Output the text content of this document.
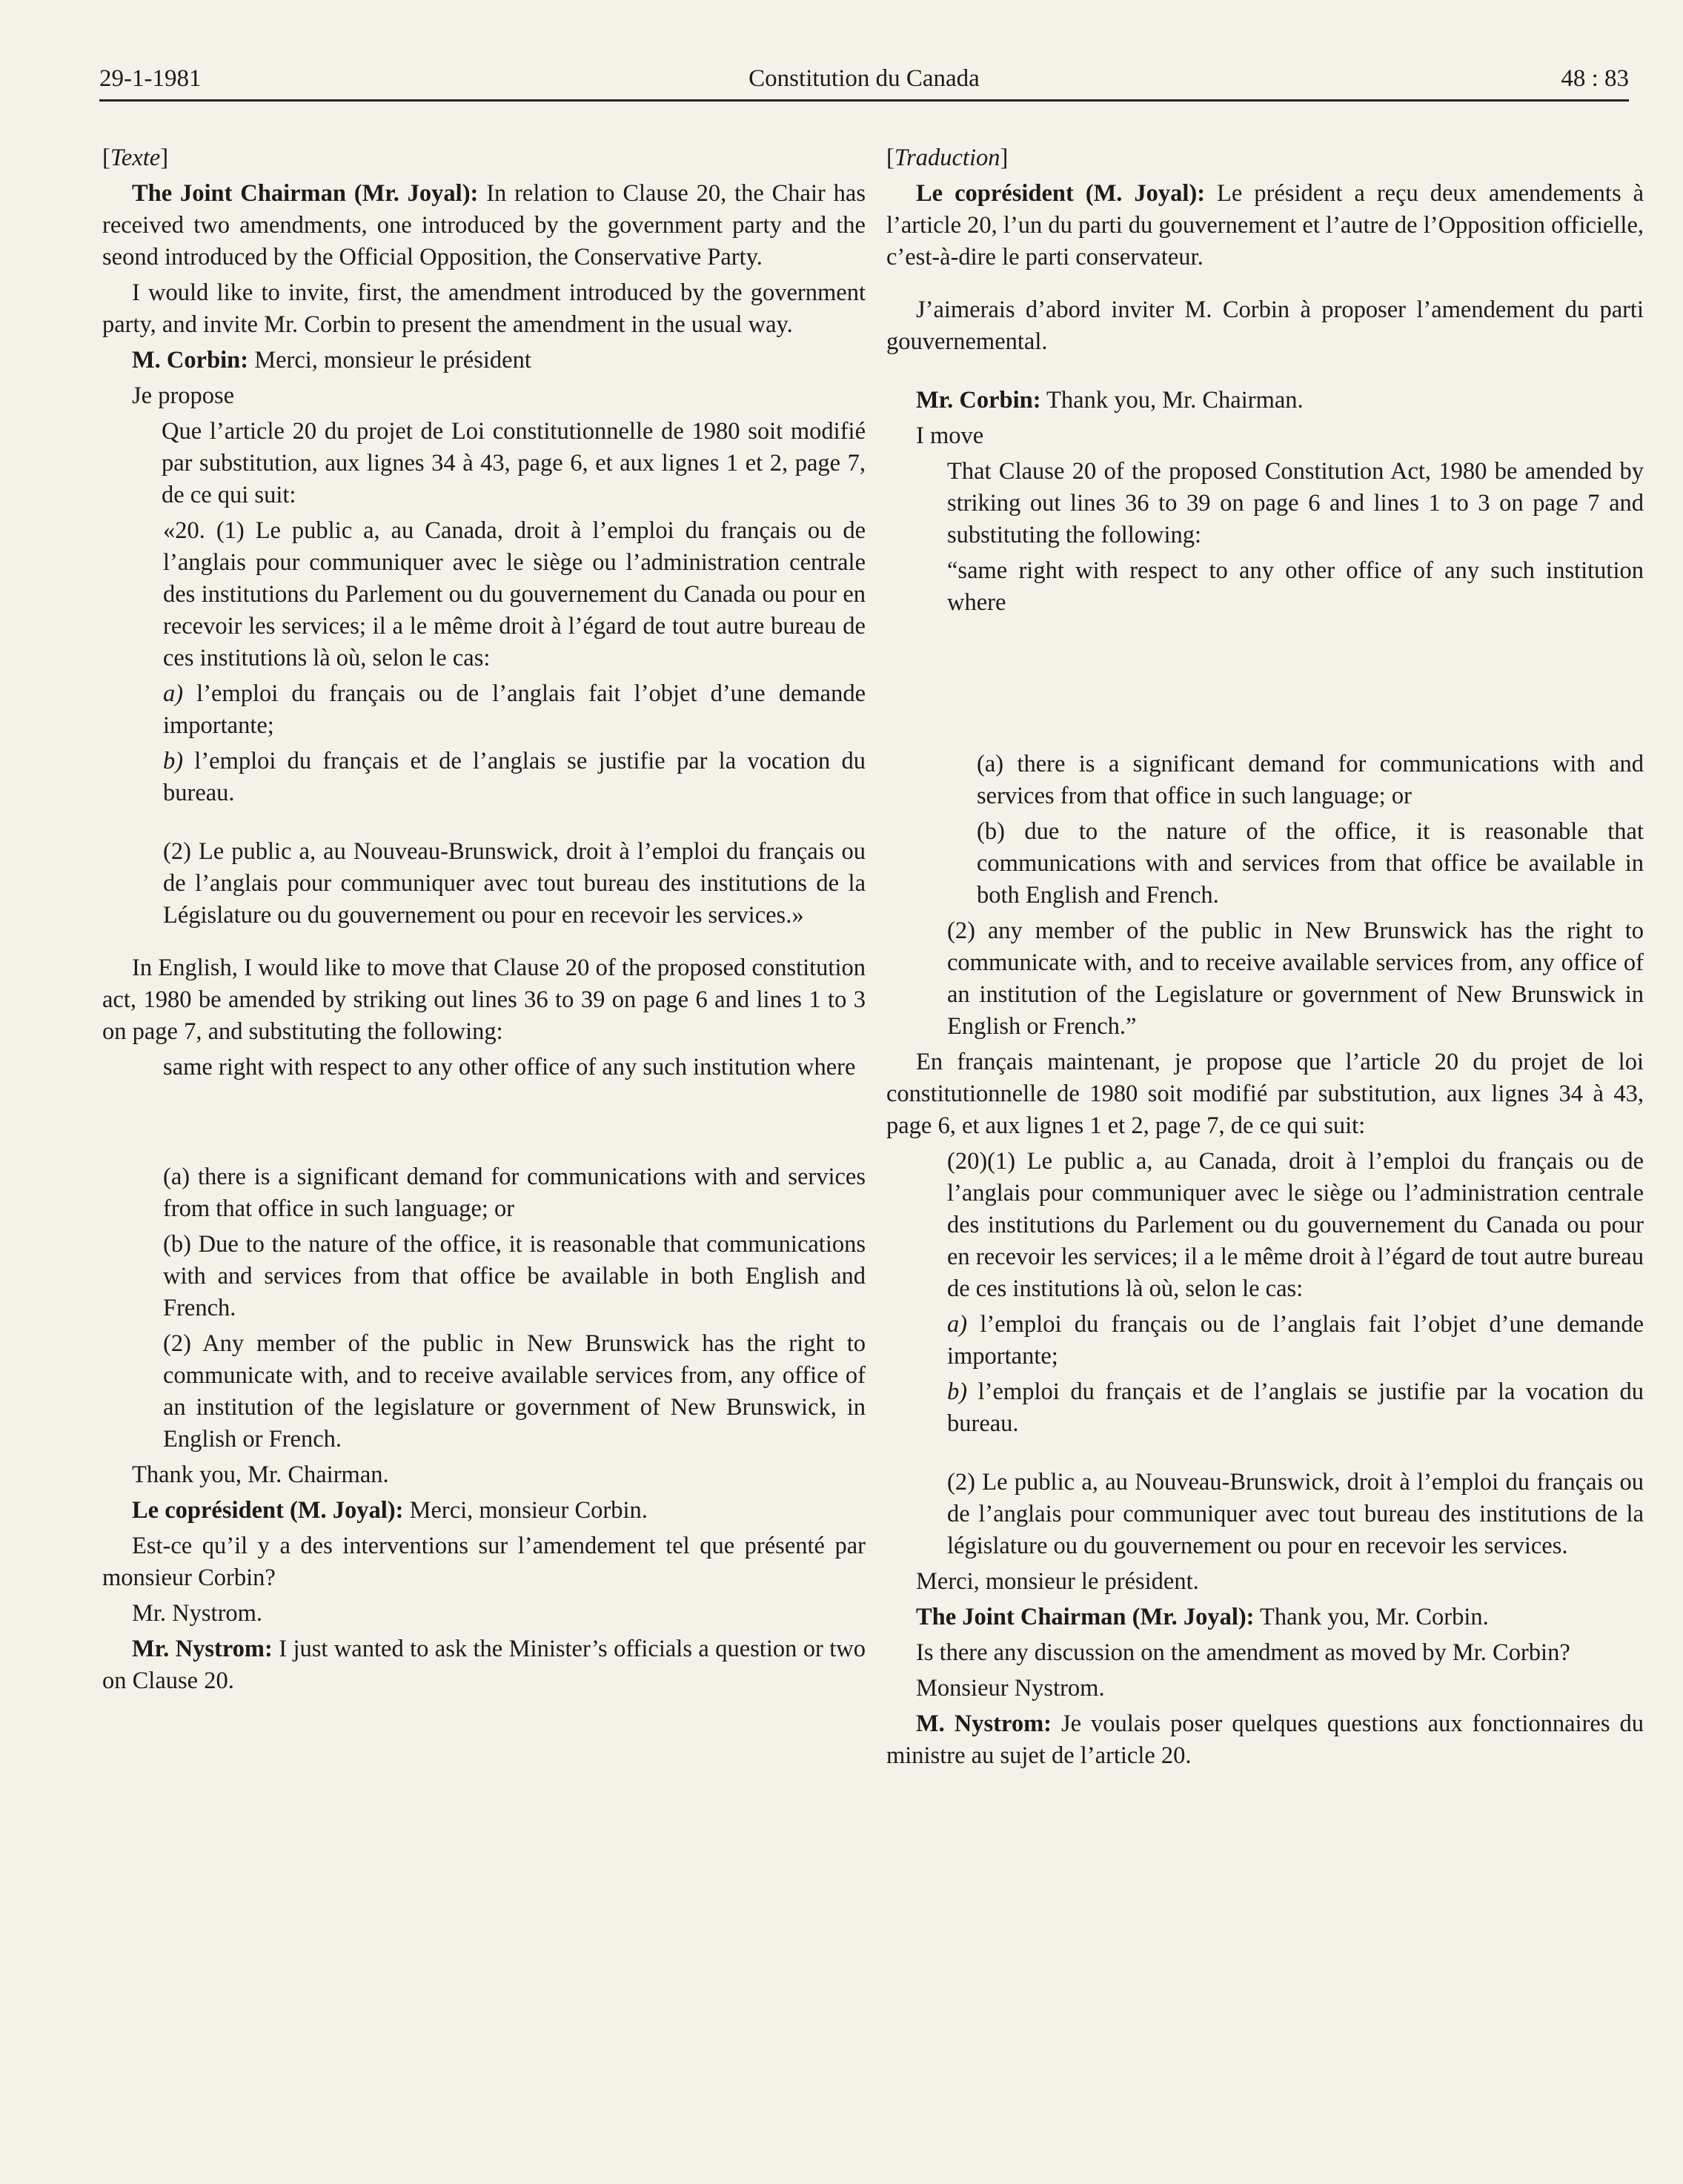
29-1-1981	Constitution du Canada	48 : 83

[Texte]

The Joint Chairman (Mr. Joyal): In relation to Clause 20, the Chair has received two amendments, one introduced by the government party and the seond introduced by the Official Opposition, the Conservative Party.

I would like to invite, first, the amendment introduced by the government party, and invite Mr. Corbin to present the amendment in the usual way.

M. Corbin: Merci, monsieur le président

Je propose

Que l’article 20 du projet de Loi constitutionnelle de 1980 soit modifié par substitution, aux lignes 34 à 43, page 6, et aux lignes 1 et 2, page 7, de ce qui suit:

«20. (1) Le public a, au Canada, droit à l’emploi du français ou de l’anglais pour communiquer avec le siège ou l’administration centrale des institutions du Parlement ou du gouvernement du Canada ou pour en recevoir les services; il a le même droit à l’égard de tout autre bureau de ces institutions là où, selon le cas:

a) l’emploi du français ou de l’anglais fait l’objet d’une demande importante;

b) l’emploi du français et de l’anglais se justifie par la vocation du bureau.

(2) Le public a, au Nouveau-Brunswick, droit à l’emploi du français ou de l’anglais pour communiquer avec tout bureau des institutions de la Législature ou du gouvernement ou pour en recevoir les services.»

In English, I would like to move that Clause 20 of the proposed constitution act, 1980 be amended by striking out lines 36 to 39 on page 6 and lines 1 to 3 on page 7, and substituting the following:

same right with respect to any other office of any such institution where

(a) there is a significant demand for communications with and services from that office in such language; or

(b) Due to the nature of the office, it is reasonable that communications with and services from that office be available in both English and French.

(2) Any member of the public in New Brunswick has the right to communicate with, and to receive available services from, any office of an institution of the legislature or government of New Brunswick, in English or French.

Thank you, Mr. Chairman.

Le coprésident (M. Joyal): Merci, monsieur Corbin.

Est-ce qu’il y a des interventions sur l’amendement tel que présenté par monsieur Corbin?

Mr. Nystrom.

Mr. Nystrom: I just wanted to ask the Minister’s officials a question or two on Clause 20.

[Traduction]

Le coprésident (M. Joyal): Le président a reçu deux amendements à l’article 20, l’un du parti du gouvernement et l’autre de l’Opposition officielle, c’est-à-dire le parti conservateur.

J’aimerais d’abord inviter M. Corbin à proposer l’amendement du parti gouvernemental.

Mr. Corbin: Thank you, Mr. Chairman.

I move

That Clause 20 of the proposed Constitution Act, 1980 be amended by striking out lines 36 to 39 on page 6 and lines 1 to 3 on page 7 and substituting the following:

“same right with respect to any other office of any such institution where

(a) there is a significant demand for communications with and services from that office in such language; or

(b) due to the nature of the office, it is reasonable that communications with and services from that office be available in both English and French.

(2) any member of the public in New Brunswick has the right to communicate with, and to receive available services from, any office of an institution of the Legislature or government of New Brunswick in English or French.”

En français maintenant, je propose que l’article 20 du projet de loi constitutionnelle de 1980 soit modifié par substitution, aux lignes 34 à 43, page 6, et aux lignes 1 et 2, page 7, de ce qui suit:

(20)(1) Le public a, au Canada, droit à l’emploi du français ou de l’anglais pour communiquer avec le siège ou l’administration centrale des institutions du Parlement ou du gouvernement du Canada ou pour en recevoir les services; il a le même droit à l’égard de tout autre bureau de ces institutions là où, selon le cas:

a) l’emploi du français ou de l’anglais fait l’objet d’une demande importante;

b) l’emploi du français et de l’anglais se justifie par la vocation du bureau.

(2) Le public a, au Nouveau-Brunswick, droit à l’emploi du français ou de l’anglais pour communiquer avec tout bureau des institutions de la législature ou du gouvernement ou pour en recevoir les services.

Merci, monsieur le président.

The Joint Chairman (Mr. Joyal): Thank you, Mr. Corbin.

Is there any discussion on the amendment as moved by Mr. Corbin?

Monsieur Nystrom.

M. Nystrom: Je voulais poser quelques questions aux fonctionnaires du ministre au sujet de l’article 20.
